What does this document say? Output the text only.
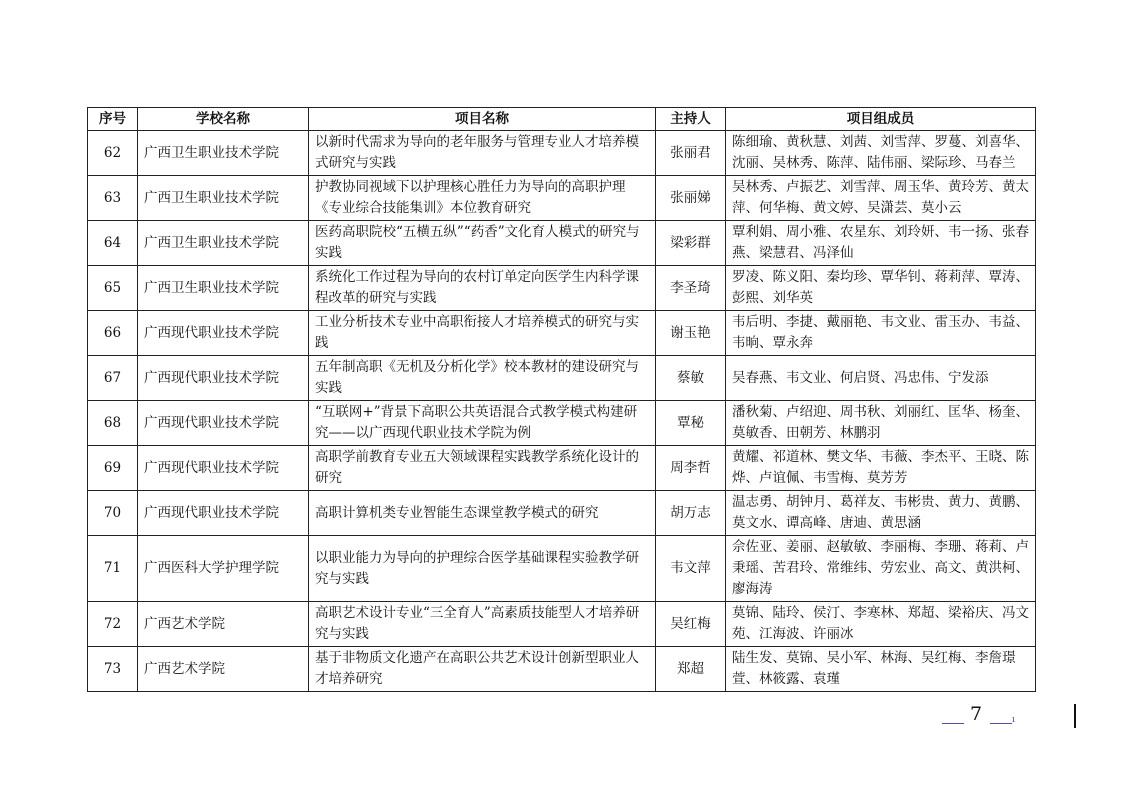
序号	学校名称	项目名称	主持人	项目组成员
62	广西卫生职业技术学院	以新时代需求为导向的老年服务与管理专业人才培养模式研究与实践	张丽君	陈细瑜、黄秋慧、刘茜、刘雪萍、罗蔓、刘喜华、沈丽、吴林秀、陈萍、陆伟丽、梁际珍、马春兰
63	广西卫生职业技术学院	护教协同视域下以护理核心胜任力为导向的高职护理《专业综合技能集训》本位教育研究	张丽娣	吴林秀、卢振艺、刘雪萍、周玉华、黄玲芳、黄太萍、何华梅、黄文婷、吴潇芸、莫小云
64	广西卫生职业技术学院	医药高职院校“五横五纵”“药香”文化育人模式的研究与实践	梁彩群	覃利娟、周小雅、农星东、刘玲妍、韦一扬、张春燕、梁慧君、冯泽仙
65	广西卫生职业技术学院	系统化工作过程为导向的农村订单定向医学生内科学课程改革的研究与实践	李圣琦	罗凌、陈义阳、秦均珍、覃华钊、蒋莉萍、覃涛、彭熙、刘华英
66	广西现代职业技术学院	工业分析技术专业中高职衔接人才培养模式的研究与实践	谢玉艳	韦后明、李捷、戴丽艳、韦文业、雷玉办、韦益、韦晌、覃永奔
67	广西现代职业技术学院	五年制高职《无机及分析化学》校本教材的建设研究与实践	蔡敏	吴春燕、韦文业、何启贤、冯忠伟、宁发添
68	广西现代职业技术学院	“互联网+”背景下高职公共英语混合式教学模式构建研究——以广西现代职业技术学院为例	覃秘	潘秋菊、卢绍迎、周书秋、刘丽红、匡华、杨奎、莫敏香、田朝芳、林鹏羽
69	广西现代职业技术学院	高职学前教育专业五大领域课程实践教学系统化设计的研究	周李哲	黄耀、祁道林、樊文华、韦薇、李杰平、王晓、陈烨、卢谊佩、韦雪梅、莫芳芳
70	广西现代职业技术学院	高职计算机类专业智能生态课堂教学模式的研究	胡万志	温志勇、胡钟月、葛祥友、韦彬贵、黄力、黄鹏、莫文水、谭高峰、唐迪、黄思涵
71	广西医科大学护理学院	以职业能力为导向的护理综合医学基础课程实验教学研究与实践	韦文萍	佘佐亚、姜丽、赵敏敏、李丽梅、李珊、蒋莉、卢秉瑶、苦君玲、常维纬、劳宏业、高文、黄洪柯、廖海涛
72	广西艺术学院	高职艺术设计专业“三全育人”高素质技能型人才培养研究与实践	吴红梅	莫锦、陆玲、侯汀、李寒林、郑超、梁裕庆、冯文苑、江海波、许丽冰
73	广西艺术学院	基于非物质文化遗产在高职公共艺术设计创新型职业人才培养研究	郑超	陆生发、莫锦、吴小军、林海、吴红梅、李詹璟萱、林筱露、袁瑾
7	ı
